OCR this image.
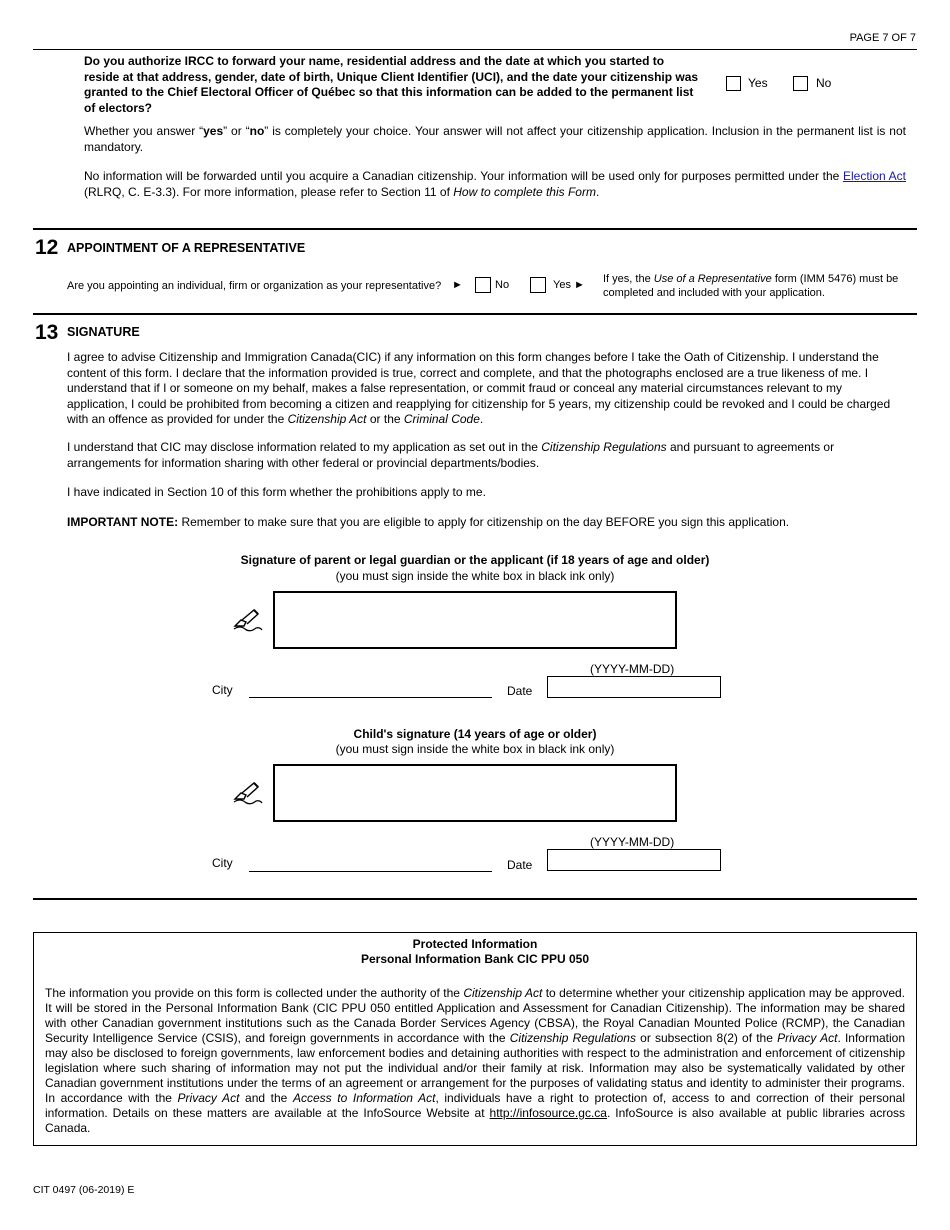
PAGE 7 OF 7

Do you authorize IRCC to forward your name, residential address and the date at which you started to reside at that address, gender, date of birth, Unique Client Identifier (UCI), and the date your citizenship was granted to the Chief Electoral Officer of Québec so that this information can be added to the permanent list of electors?

Yes	No

Whether you answer “yes” or “no” is completely your choice. Your answer will not affect your citizenship application. Inclusion in the permanent list is not mandatory.

No information will be forwarded until you acquire a Canadian citizenship. Your information will be used only for purposes permitted under the Election Act (RLRQ, C. E-3.3). For more information, please refer to Section 11 of How to complete this Form.

12 APPOINTMENT OF A REPRESENTATIVE
Are you appointing an individual, firm or organization as your representative? ►	No	Yes ► If yes, the Use of a Representative form (IMM 5476) must be completed and included with your application.

13 SIGNATURE

I agree to advise Citizenship and Immigration Canada(CIC) if any information on this form changes before I take the Oath of Citizenship. I understand the content of this form. I declare that the information provided is true, correct and complete, and that the photographs enclosed are a true likeness of me. I understand that if I or someone on my behalf, makes a false representation, or commit fraud or conceal any material circumstances relevant to my application, I could be prohibited from becoming a citizen and reapplying for citizenship for 5 years, my citizenship could be revoked and I could be charged with an offence as provided for under the Citizenship Act or the Criminal Code.

I understand that CIC may disclose information related to my application as set out in the Citizenship Regulations and pursuant to agreements or arrangements for information sharing with other federal or provincial departments/bodies.

I have indicated in Section 10 of this form whether the prohibitions apply to me.

IMPORTANT NOTE: Remember to make sure that you are eligible to apply for citizenship on the day BEFORE you sign this application.

Signature of parent or legal guardian or the applicant (if 18 years of age and older)
(you must sign inside the white box in black ink only)
(YYYY-MM-DD)
City	Date
Child's signature (14 years of age or older)
(you must sign inside the white box in black ink only)
(YYYY-MM-DD)
City	Date
Protected Information
Personal Information Bank CIC PPU 050

The information you provide on this form is collected under the authority of the Citizenship Act to determine whether your citizenship application may be approved. It will be stored in the Personal Information Bank (CIC PPU 050 entitled Application and Assessment for Canadian Citizenship). The information may be shared with other Canadian government institutions such as the Canada Border Services Agency (CBSA), the Royal Canadian Mounted Police (RCMP), the Canadian Security Intelligence Service (CSIS), and foreign governments in accordance with the Citizenship Regulations or subsection 8(2) of the Privacy Act. Information may also be disclosed to foreign governments, law enforcement bodies and detaining authorities with respect to the administration and enforcement of citizenship legislation where such sharing of information may not put the individual and/or their family at risk. Information may also be systematically validated by other Canadian government institutions under the terms of an agreement or arrangement for the purposes of validating status and identity to administer their programs. In accordance with the Privacy Act and the Access to Information Act, individuals have a right to protection of, access to and correction of their personal information. Details on these matters are available at the InfoSource Website at http://infosource.gc.ca. InfoSource is also available at public libraries across Canada.

CIT 0497 (06-2019) E
